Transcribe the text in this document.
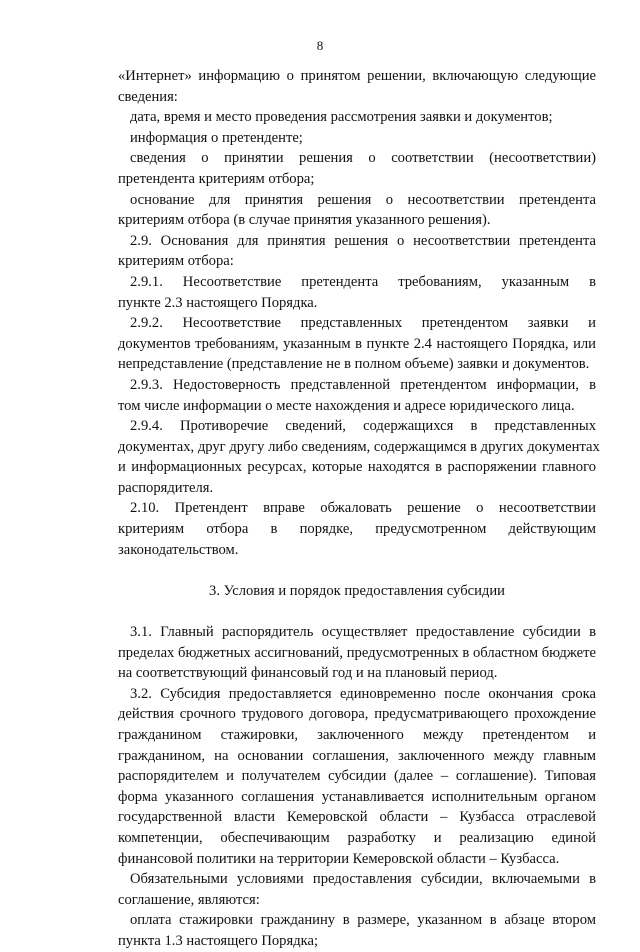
8
«Интернет» информацию о принятом решении, включающую следующие
сведения:
дата, время и место проведения рассмотрения заявки и документов;
информация о претенденте;
сведения о принятии решения о соответствии (несоответствии)
претендента критериям отбора;
основание для принятия решения о несоответствии претендента
критериям отбора (в случае принятия указанного решения).
2.9. Основания для принятия решения о несоответствии претендента
критериям отбора:
2.9.1. Несоответствие претендента требованиям, указанным в
пункте 2.3 настоящего Порядка.
2.9.2. Несоответствие представленных претендентом заявки и
документов требованиям, указанным в пункте 2.4 настоящего Порядка, или
непредставление (представление не в полном объеме) заявки и документов.
2.9.3. Недостоверность представленной претендентом информации, в
том числе информации о месте нахождения и адресе юридического лица.
2.9.4. Противоречие сведений, содержащихся в представленных
документах, друг другу либо сведениям, содержащимся в других документах
и информационных ресурсах, которые находятся в распоряжении главного
распорядителя.
2.10. Претендент вправе обжаловать решение о несоответствии
критериям отбора в порядке, предусмотренном действующим
законодательством.
3. Условия и порядок предоставления субсидии
3.1. Главный распорядитель осуществляет предоставление субсидии в
пределах бюджетных ассигнований, предусмотренных в областном бюджете
на соответствующий финансовый год и на плановый период.
3.2. Субсидия предоставляется единовременно после окончания срока
действия срочного трудового договора, предусматривающего прохождение
гражданином стажировки, заключенного между претендентом и
гражданином, на основании соглашения, заключенного между главным
распорядителем и получателем субсидии (далее – соглашение). Типовая
форма указанного соглашения устанавливается исполнительным органом
государственной власти Кемеровской области – Кузбасса отраслевой
компетенции, обеспечивающим разработку и реализацию единой
финансовой политики на территории Кемеровской области – Кузбасса.
Обязательными условиями предоставления субсидии, включаемыми в
соглашение, являются:
оплата стажировки гражданину в размере, указанном в абзаце втором
пункта 1.3 настоящего Порядка;
